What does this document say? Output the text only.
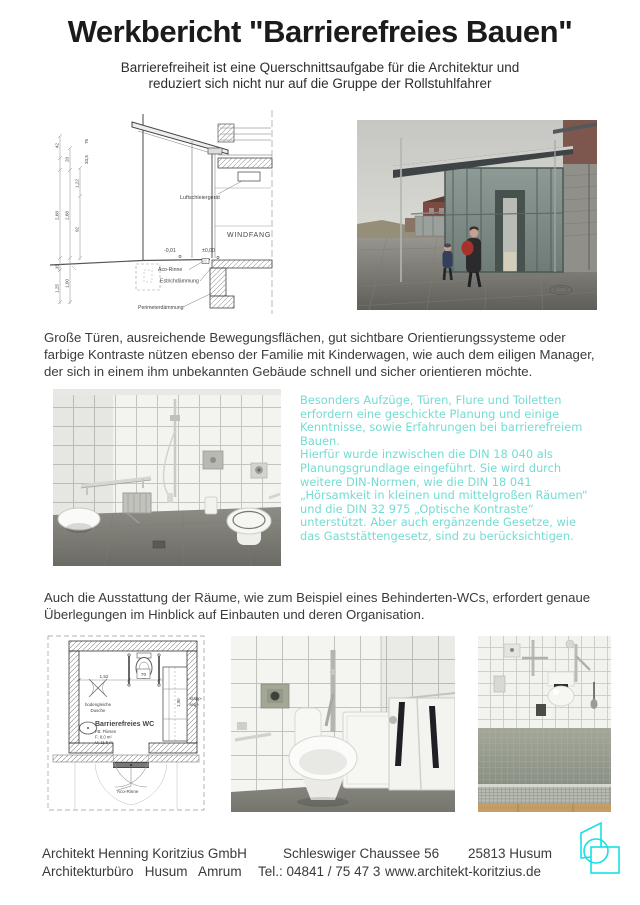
Werkbericht "Barrierefreies Bauen"
Barrierefreiheit ist eine Querschnittsaufgabe für die Architektur und
reduziert sich nicht nur auf die Gruppe der Rollstuhlfahrer
Luftschleiergerät
WINDFANG
-0,01	±0,00
Aco-Rinne
Estrichdämmung
Perimeterdämmung
42
20
2,68 2,68
1,22
92
15
1,25
1,00
33,5
75
Große Türen, ausreichende Bewegungsflächen, gut sichtbare Orientierungssysteme oder
farbige Kontraste nützen ebenso der Familie mit Kinderwagen, wie auch dem eiligen Manager,
der sich in einem ihm unbekannten Gebäude schnell und sicher orientieren möchte.
Besonders Aufzüge, Türen, Flure und Toiletten
erfordern eine geschickte Planung und einige
Kenntnisse, sowie Erfahrungen bei barrierefreiem
Bauen.
Hierfür wurde inzwischen die DIN 18 040 als
Planungsgrundlage eingeführt. Sie wird durch
weitere DIN-Normen, wie die DIN 18 041
„Hörsamkeit in kleinen und mittelgroßen Räumen“
und die DIN 32 975 „Optische Kontraste“
unterstützt. Aber auch ergänzende Gesetze, wie
das Gaststättengesetz, sind zu berücksichtigen.
Auch die Ausstattung der Räume, wie zum Beispiel eines Behinderten-WCs, erfordert genaue
Überlegungen im Hinblick auf Einbauten und deren Organisation.
1,52	70
bodengleiche
Dusche
1,90 Klapp-
liege
Barrierefreies WC
FB: Fliesen
F: 8,0 m²
U: 11,5 m
Aco-Rinne
Architekt Henning Koritzius GmbH	Schleswiger Chaussee 56 25813 Husum
Architekturbüro   Husum   Amrum Tel.: 04841 / 75 47 3 www.architekt-koritzius.de
